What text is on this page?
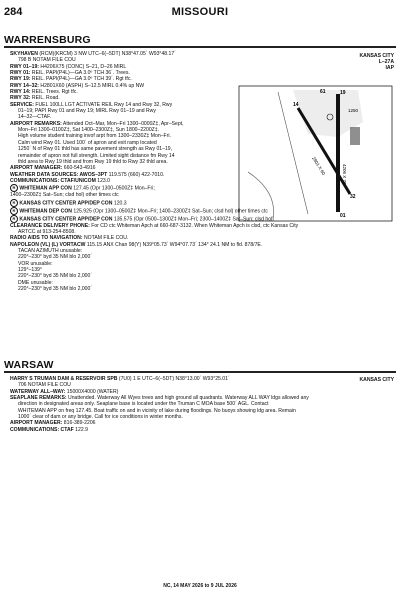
284	MISSOURI
WARRENSBURG
KANSAS CITY
L–27A
IAP
SKYHAVEN (RCM)(KRCM) 3 NW UTC–6(–5DT) N38°47.05´ W93°48.17´
798 B NOTAM FILE COU
RWY 01–19: H4206X75 (CONC) S–21, D–26 MIRL
RWY 01: REIL. PAPI(P4L)—GA 3.0º TCH 36´. Trees.
RWY 19: REIL. PAPI(P4L)—GA 3.0º TCH 39´. Rgt tfc.
RWY 14–32: H2801X60 (ASPH) S–12.5 MIRL 0.4% up NW
RWY 14: REIL. Trees. Rgt tfc.
RWY 32: REIL. Road.
SERVICE: FUEL 100LL LGT ACTIVATE REIL Rwy 14 and Rwy 32, Rwy
01–19; PAPI Rwy 01 and Rwy 19; MIRL Rwy 01–19 and Rwy
14–32—CTAF.
AIRPORT REMARKS: Attended Oct–Mar, Mon–Fri 1300–0000Z‡, Apr–Sept,
Mon–Fri 1300–0100Z‡, Sat 1400–2300Z‡, Sun 1800–2200Z‡.
High volume student training invof arpt from 1300–2330Z‡ Mon–Fri.
Calm wind Rwy 01. Used 100´ of apron and exit ramp located
1250´ N of Rwy 01 thld has same pavement strength as Rwy 01–19,
remainder of apron not full strength. Limited sight distance fm Rwy 14
thld area to Rwy 19 thld and from Rwy 19 thld to Rwy 32 thld area.
AIRPORT MANAGER: 660-543-4916
WEATHER DATA SOURCES: AWOS–3PT 119.575 (660) 422-7010.
COMMUNICATIONS: CTAF/UNICOM 123.0
R WHITEMAN APP CON 127.45 (Opr 1300–0500Z‡ Mon–Fri;
1400–2300Z‡ Sat–Sun; clsd hol) other times ctc
R KANSAS CITY CENTER APP/DEP CON 120.3
R WHITEMAN DEP CON 125.925 (Opr 1300–0500Z‡ Mon–Fri; 1400–2300Z‡ Sat–Sun; clsd hol) other times ctc
R KANSAS CITY CENTER APP/DEP CON 135.575 (Opr 0500–1300Z‡ Mon–Fri; 2300–1400Z‡ Sat–Sun; clsd hol)
CLEARANCE DELIVERY PHONE: For CD ctc Whiteman Apch at 660-687-3132. When Whiteman Apch is clsd, ctc Kansas City
ARTCC at 913-254-8508.
RADIO AIDS TO NAVIGATION: NOTAM FILE COU.
NAPOLEON (VL) (L) VORTACW 115.15 ANX Chan 98(Y) N39°05.73´ W94°07.73´ 134° 24.1 NM to fld. 878/7E.
TACAN AZIMUTH unusable:
220°–230° byd 35 NM blo 2,000´
VOR unusable:
129°–139°
220°–230° byd 35 NM blo 2,000´
DME unusable:
220°–230° byd 35 NM blo 2,000´
61
14
01
32
19
1250
2801 X 60	4206 X 75
WARSAW
KANSAS CITY
HARRY S TRUMAN DAM & RESERVOIR SPB (7U0) 1 E UTC–6(–5DT) N38°13.00´ W93°25.01´
706 NOTAM FILE COU
WATERWAY ALL–WAY: 15000X4000 (WATER)
SEAPLANE REMARKS: Unattended. Waterway All Wyes trees and high ground all quadrants. Waterway ALL WAY ldgs allowed any
direction in designated areas only. Seaplane base is located under the Truman C MOA base 500´ AGL. Contact
WHITEMAN APP on freq 127.45. Boat traffic on and in vicinity of lake during floodings. No buoys showing ldg area. Remain
1000´ clear of dam or any bridge. Call for ice conditions in winter months.
AIRPORT MANAGER: 816-389-2206
COMMUNICATIONS: CTAF 122.9
NC, 14 MAY 2026 to 9 JUL 2026
